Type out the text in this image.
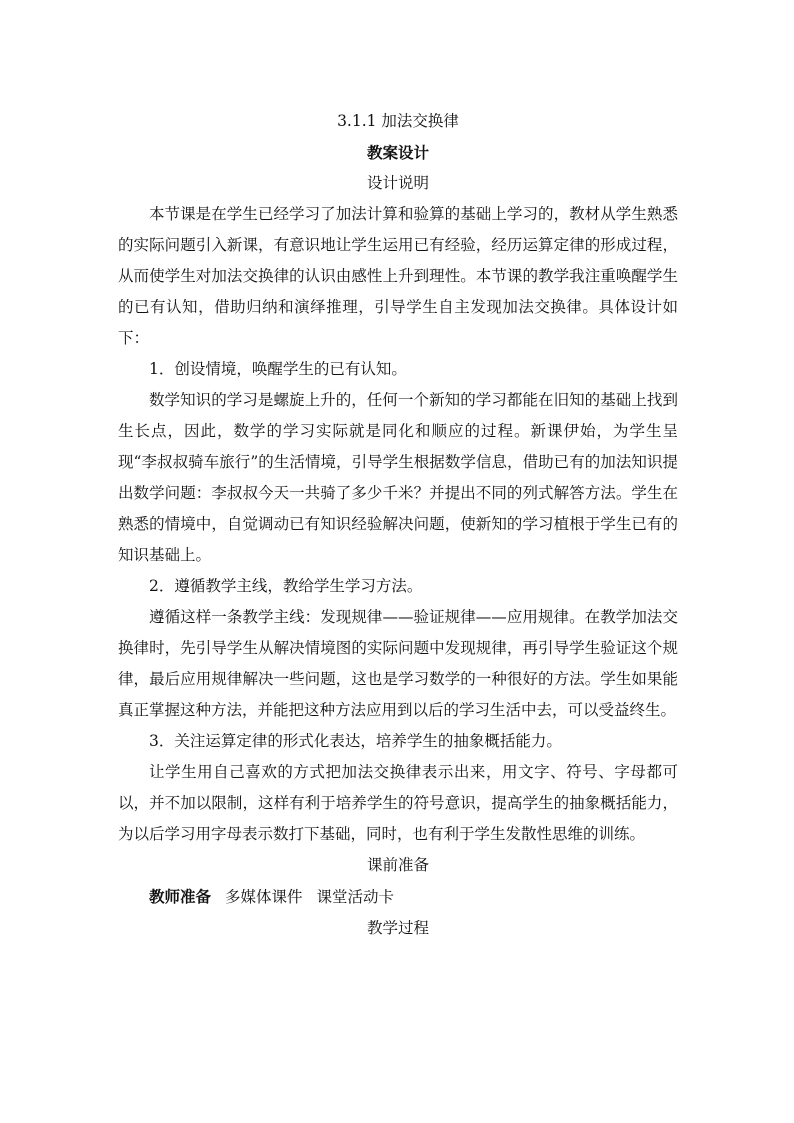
3.1.1 加法交换律

教案设计

设计说明

本节课是在学生已经学习了加法计算和验算的基础上学习的，教材从学生熟悉的实际问题引入新课，有意识地让学生运用已有经验，经历运算定律的形成过程，从而使学生对加法交换律的认识由感性上升到理性。本节课的教学我注重唤醒学生的已有认知，借助归纳和演绎推理，引导学生自主发现加法交换律。具体设计如下：

1．创设情境，唤醒学生的已有认知。

数学知识的学习是螺旋上升的，任何一个新知的学习都能在旧知的基础上找到生长点，因此，数学的学习实际就是同化和顺应的过程。新课伊始，为学生呈现“李叔叔骑车旅行”的生活情境，引导学生根据数学信息，借助已有的加法知识提出数学问题：李叔叔今天一共骑了多少千米？并提出不同的列式解答方法。学生在熟悉的情境中，自觉调动已有知识经验解决问题，使新知的学习植根于学生已有的知识基础上。

2．遵循教学主线，教给学生学习方法。

遵循这样一条教学主线：发现规律——验证规律——应用规律。在教学加法交换律时，先引导学生从解决情境图的实际问题中发现规律，再引导学生验证这个规律，最后应用规律解决一些问题，这也是学习数学的一种很好的方法。学生如果能真正掌握这种方法，并能把这种方法应用到以后的学习生活中去，可以受益终生。

3．关注运算定律的形式化表达，培养学生的抽象概括能力。

让学生用自己喜欢的方式把加法交换律表示出来，用文字、符号、字母都可以，并不加以限制，这样有利于培养学生的符号意识，提高学生的抽象概括能力，为以后学习用字母表示数打下基础，同时，也有利于学生发散性思维的训练。

课前准备

教师准备 多媒体课件 课堂活动卡

教学过程
